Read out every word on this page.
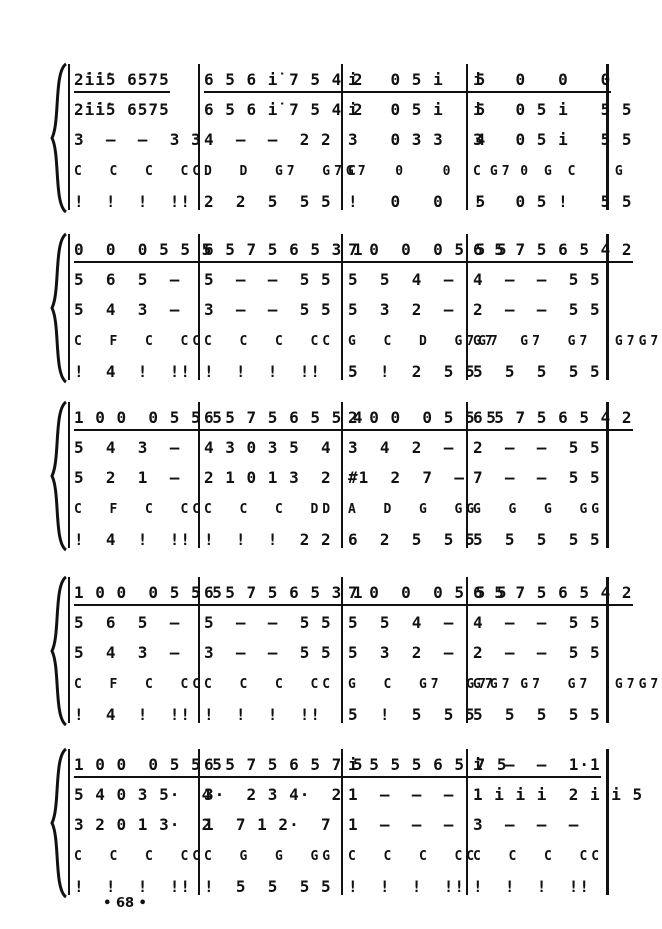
2̇i̇i̇5 6575 6 5 6 i̇ 7 5 4 2
i   0 5 i   5
i   0   0   0
2̇i̇i̇5 6575 6 5 6 i̇ 7 5 4 2
i   0 5 i   5
i   0 5 i   5 5
3  —  —  3 3 4  —  —  2 2 3   0 3 3   4
3   0 5 i   5 5
C  C  C  CC D  D  G7  G7G7
C   0   0   G7
C   0 G C   G
!  !  !  !! 2  2  5  5 5 !   0   0   5
!   0 5 !   5 5
0  0  0 5 5 5
6 5 7 5 6 5 3 1
7 0  0  0 5 5 5
6 5 7 5 6 5 4 2
5  6  5  — 5  —  —  5 5 5  5  4  — 4  —  —  5 5
5  4  3  — 3  —  —  5 5 5  3  2  — 2  —  —  5 5
C  F  C  CC C  C  C  CC G  C  D  G7G7
G7  G7  G7  G7G7
!  4  !  !! !  !  !  !! 5  !  2  5 5
5  5  5  5 5
1 0 0  0 5 5 5
6 5 7 5 6 5 5 4
2 0 0  0 5 5 5
6 5 7 5 6 5 4 2
5  4  3  — 4 3 0 3 5  4 3  4  2  — 2  —  —  5 5
5  2  1  — 2 1 0 1 3  2 #1  2  7  — 7  —  —  5 5
C  F  C  CC C  C  C  DD A  D  G  GG
G  G  G  GG
!  4  !  !! !  !  !  2 2 6  2  5  5 5
5  5  5  5 5
1 0 0  0 5 5 5
6 5 7 5 6 5 3 1
7 0  0  0 5 5 5
6 5 7 5 6 5 4 2
5  6  5  — 5  —  —  5 5 5  5  4  — 4  —  —  5 5
5  4  3  — 3  —  —  5 5 5  3  2  — 2  —  —  5 5
C  F  C  CC C  C  C  CC G  C  G7  G7G7
G7  G7  G7  G7G7
!  4  !  !! !  !  !  !! 5  !  5  5 5
5  5  5  5 5
1 0 0  0 5 5 5
6 5 7 5 6 5 7 5
i 5 5 5 6 5 7 5
i  —  —  1·1
5 4 0 3 5·  4
3·  2 3 4·  2 1  —  —  — 1 i i i  2 i i 5
3 2 0 1 3·  2
1  7 1 2·  7 1  —  —  — 3  —  —  —
C  C  C  CC C  G  G  GG C  C  C  CC
C  C  C  CC
!  !  !  !! !  5  5  5 5 !  !  !  !! !  !  !  !!
• 68 •
